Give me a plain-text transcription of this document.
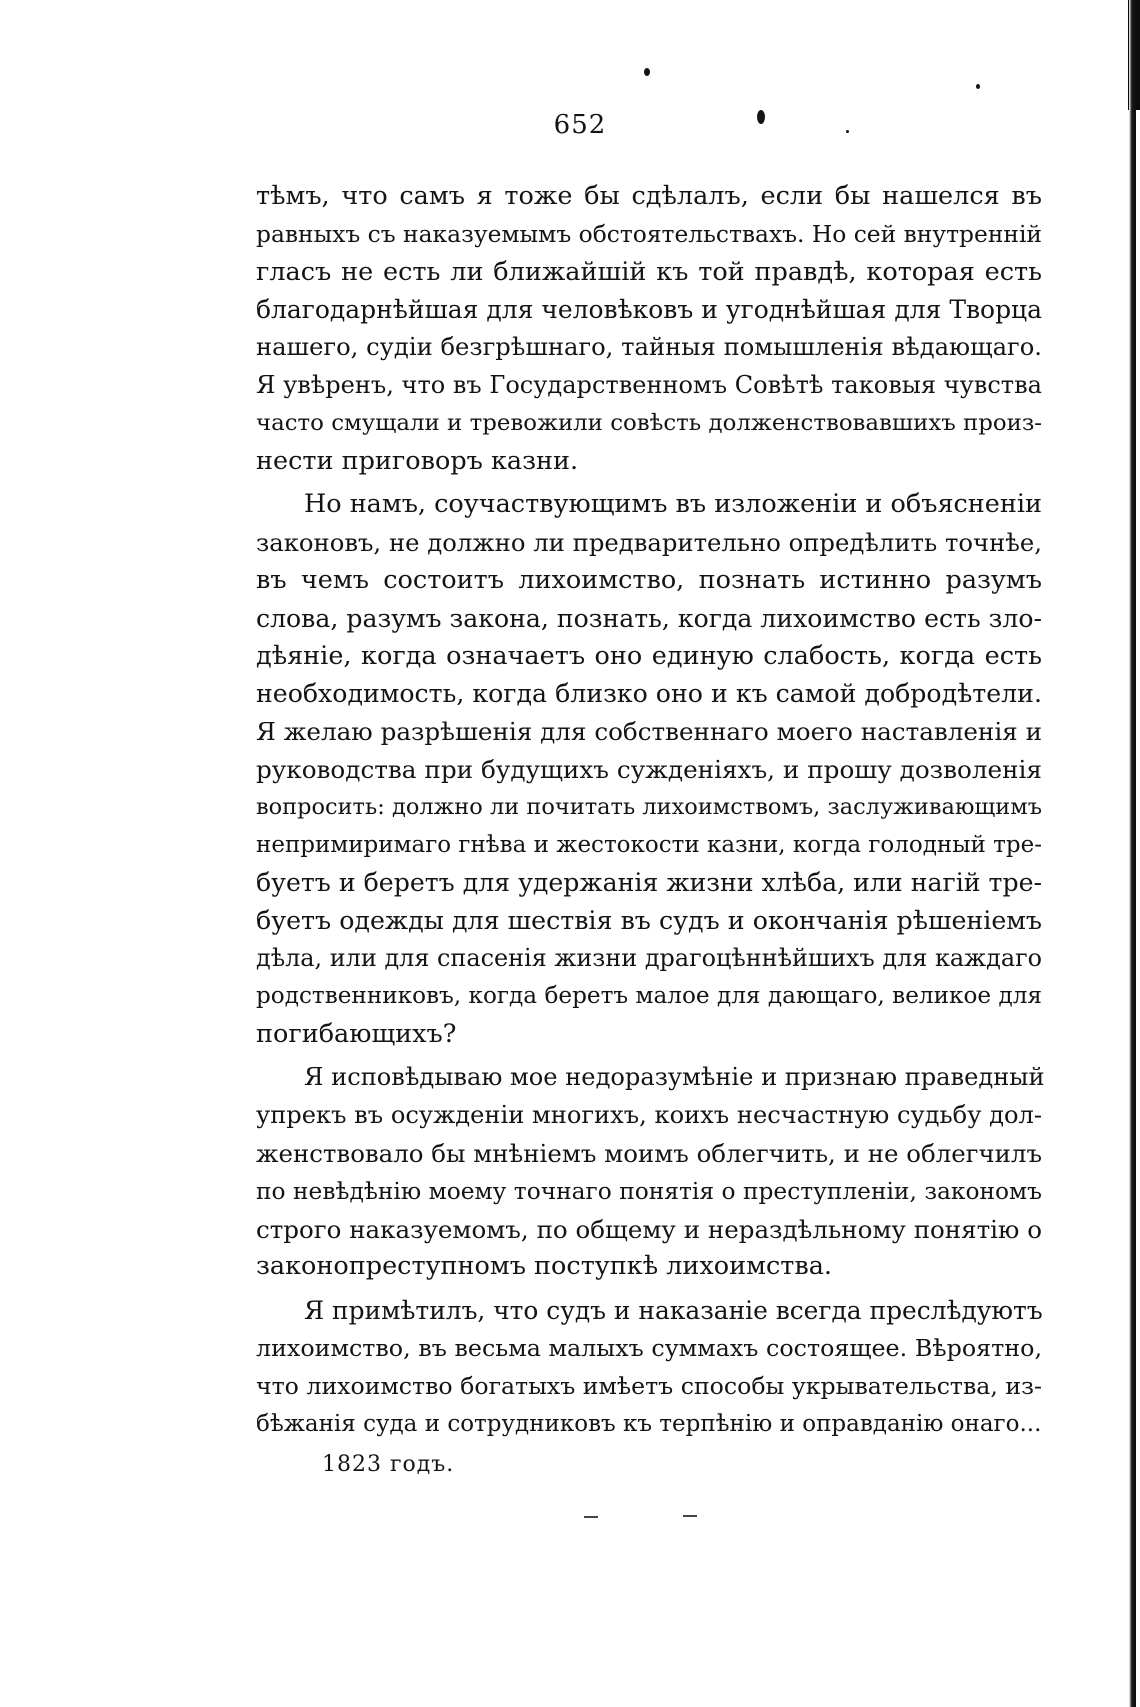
652

тѣмъ, что самъ я тоже бы сдѣлалъ, если бы нашелся въ
равныхъ съ наказуемымъ обстоятельствахъ. Но сей внутренній
гласъ не есть ли ближайшій къ той правдѣ, которая есть
благодарнѣйшая для человѣковъ и угоднѣйшая для Творца
нашего, судіи безгрѣшнаго, тайныя помышленія вѣдающаго.
Я увѣренъ, что въ Государственномъ Совѣтѣ таковыя чувства
часто смущали и тревожили совѣсть долженствовавшихъ произ-
нести приговоръ казни.

Но намъ, соучаствующимъ въ изложеніи и объясненіи
законовъ, не должно ли предварительно опредѣлить точнѣе,
въ чемъ состоитъ лихоимство, познать истинно разумъ
слова, разумъ закона, познать, когда лихоимство есть зло-
дѣяніе, когда означаетъ оно единую слабость, когда есть
необходимость, когда близко оно и къ самой добродѣтели.
Я желаю разрѣшенія для собственнаго моего наставленія и
руководства при будущихъ сужденіяхъ, и прошу дозволенія
вопросить: должно ли почитать лихоимствомъ, заслуживающимъ
непримиримаго гнѣва и жестокости казни, когда голодный тре-
буетъ и беретъ для удержанія жизни хлѣба, или нагій тре-
буетъ одежды для шествія въ судъ и окончанія рѣшеніемъ
дѣла, или для спасенія жизни драгоцѣннѣйшихъ для каждаго
родственниковъ, когда беретъ малое для дающаго, великое для
погибающихъ?

Я исповѣдываю мое недоразумѣніе и признаю праведный
упрекъ въ осужденіи многихъ, коихъ несчастную судьбу дол-
женствовало бы мнѣніемъ моимъ облегчить, и не облегчилъ
по невѣдѣнію моему точнаго понятія о преступленіи, закономъ
строго наказуемомъ, по общему и нераздѣльному понятію о
законопреступномъ поступкѣ лихоимства.

Я примѣтилъ, что судъ и наказаніе всегда преслѣдуютъ
лихоимство, въ весьма малыхъ суммахъ состоящее. Вѣроятно,
что лихоимство богатыхъ имѣетъ способы укрывательства, из-
бѣжанія суда и сотрудниковъ къ терпѣнію и оправданію онаго...

1823 годъ.
